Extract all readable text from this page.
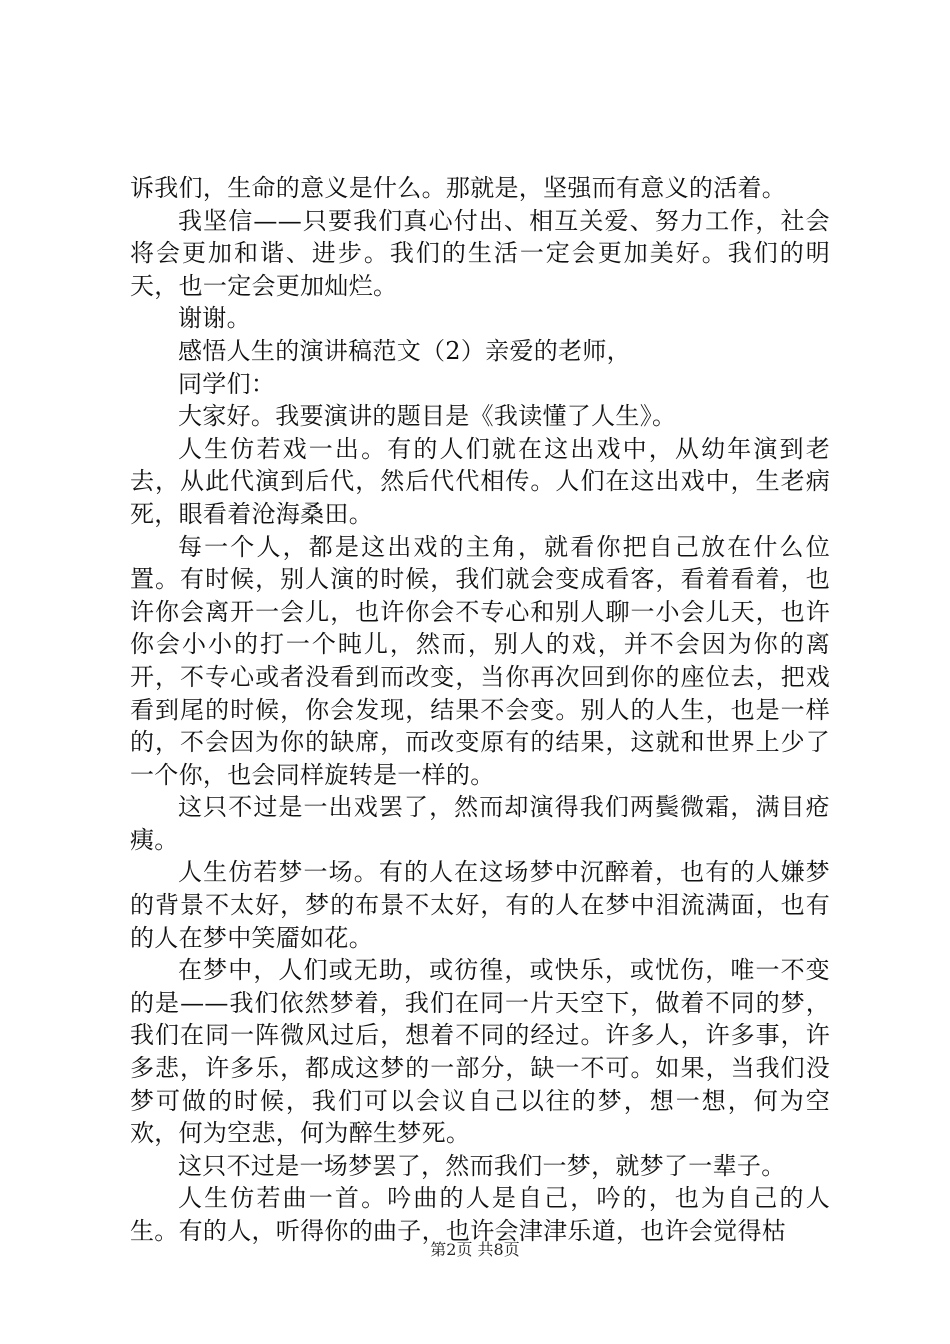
诉我们，生命的意义是什么。那就是，坚强而有意义的活着。

我坚信——只要我们真心付出、相互关爱、努力工作，社会将会更加和谐、进步。我们的生活一定会更加美好。我们的明天，也一定会更加灿烂。

谢谢。

感悟人生的演讲稿范文（2）亲爱的老师，

同学们：

大家好。我要演讲的题目是《我读懂了人生》。

人生仿若戏一出。有的人们就在这出戏中，从幼年演到老去，从此代演到后代，然后代代相传。人们在这出戏中，生老病死，眼看着沧海桑田。

每一个人，都是这出戏的主角，就看你把自己放在什么位置。有时候，别人演的时候，我们就会变成看客，看着看着，也许你会离开一会儿，也许你会不专心和别人聊一小会儿天，也许你会小小的打一个盹儿，然而，别人的戏，并不会因为你的离开，不专心或者没看到而改变，当你再次回到你的座位去，把戏看到尾的时候，你会发现，结果不会变。别人的人生，也是一样的，不会因为你的缺席，而改变原有的结果，这就和世界上少了一个你，也会同样旋转是一样的。

这只不过是一出戏罢了，然而却演得我们两鬓微霜，满目疮痍。

人生仿若梦一场。有的人在这场梦中沉醉着，也有的人嫌梦的背景不太好，梦的布景不太好，有的人在梦中泪流满面，也有的人在梦中笑靥如花。

在梦中，人们或无助，或彷徨，或快乐，或忧伤，唯一不变的是——我们依然梦着，我们在同一片天空下，做着不同的梦，我们在同一阵微风过后，想着不同的经过。许多人，许多事，许多悲，许多乐，都成这梦的一部分，缺一不可。如果，当我们没梦可做的时候，我们可以会议自己以往的梦，想一想，何为空欢，何为空悲，何为醉生梦死。

这只不过是一场梦罢了，然而我们一梦，就梦了一辈子。

人生仿若曲一首。吟曲的人是自己，吟的，也为自己的人生。有的人，听得你的曲子，也许会津津乐道，也许会觉得枯

第2页 共8页
